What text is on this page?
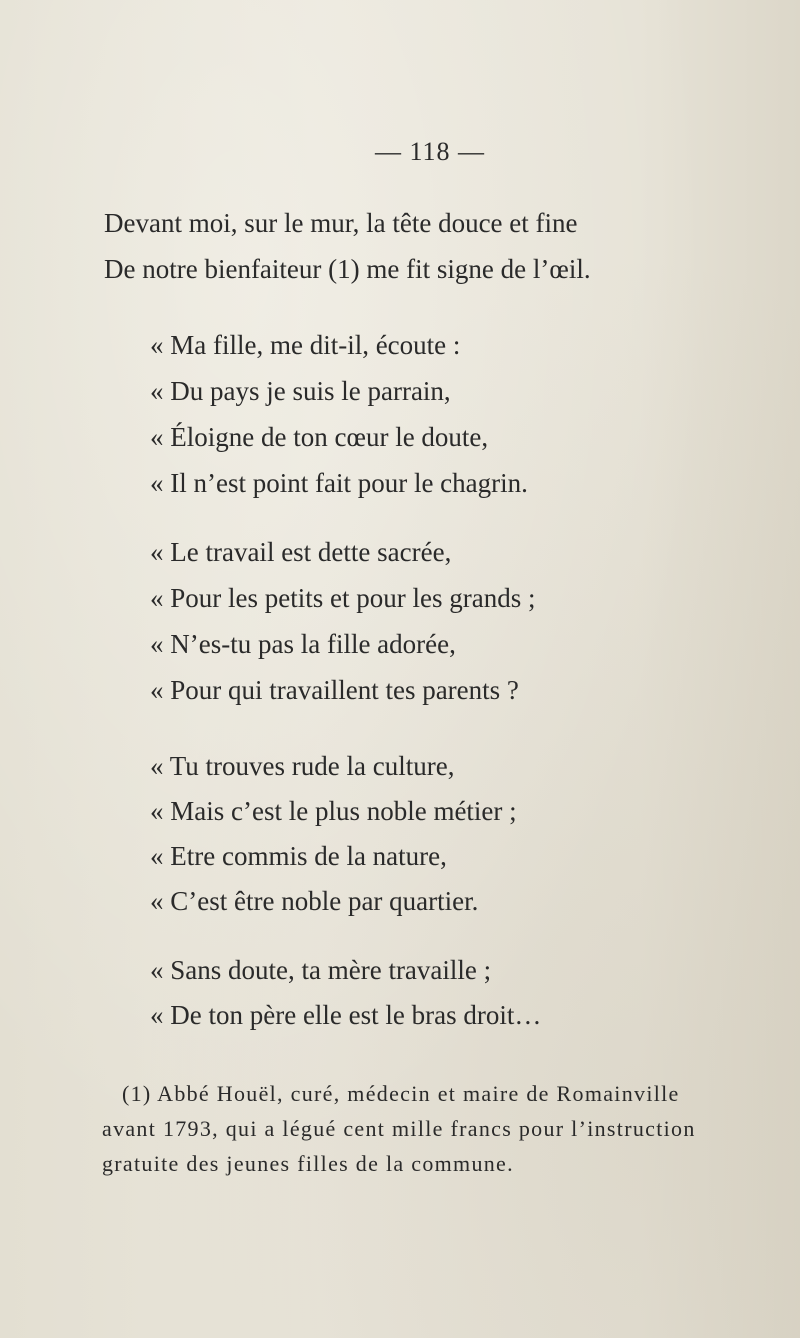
— 118 —
Devant moi, sur le mur, la tête douce et fine
De notre bienfaiteur (1) me fit signe de l’œil.
« Ma fille, me dit-il, écoute :
« Du pays je suis le parrain,
« Éloigne de ton cœur le doute,
« Il n’est point fait pour le chagrin.
« Le travail est dette sacrée,
« Pour les petits et pour les grands ;
« N’es-tu pas la fille adorée,
« Pour qui travaillent tes parents ?
« Tu trouves rude la culture,
« Mais c’est le plus noble métier ;
« Etre commis de la nature,
« C’est être noble par quartier.
« Sans doute, ta mère travaille ;
« De ton père elle est le bras droit…

(1) Abbé Houël, curé, médecin et maire de Romainville

avant 1793, qui a légué cent mille francs pour l’instruction

gratuite des jeunes filles de la commune.
